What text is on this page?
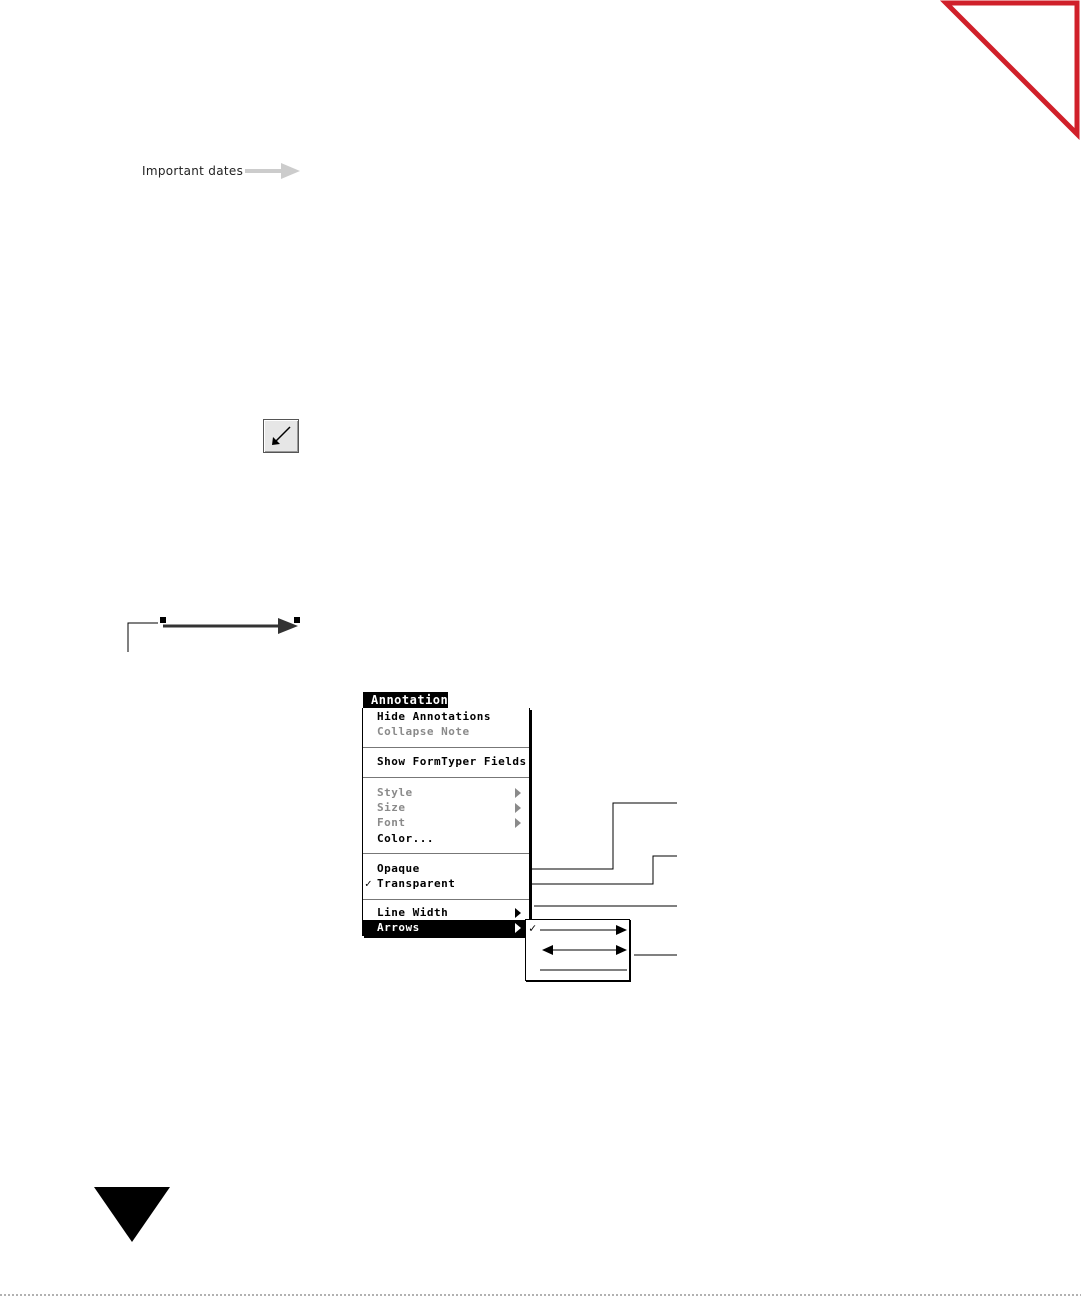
Important dates
Annotation
Hide Annotations
Collapse Note
Show FormTyper Fields
Style
Size
Font
Color...
Opaque
✓ Transparent
Line Width
Arrows	✓
